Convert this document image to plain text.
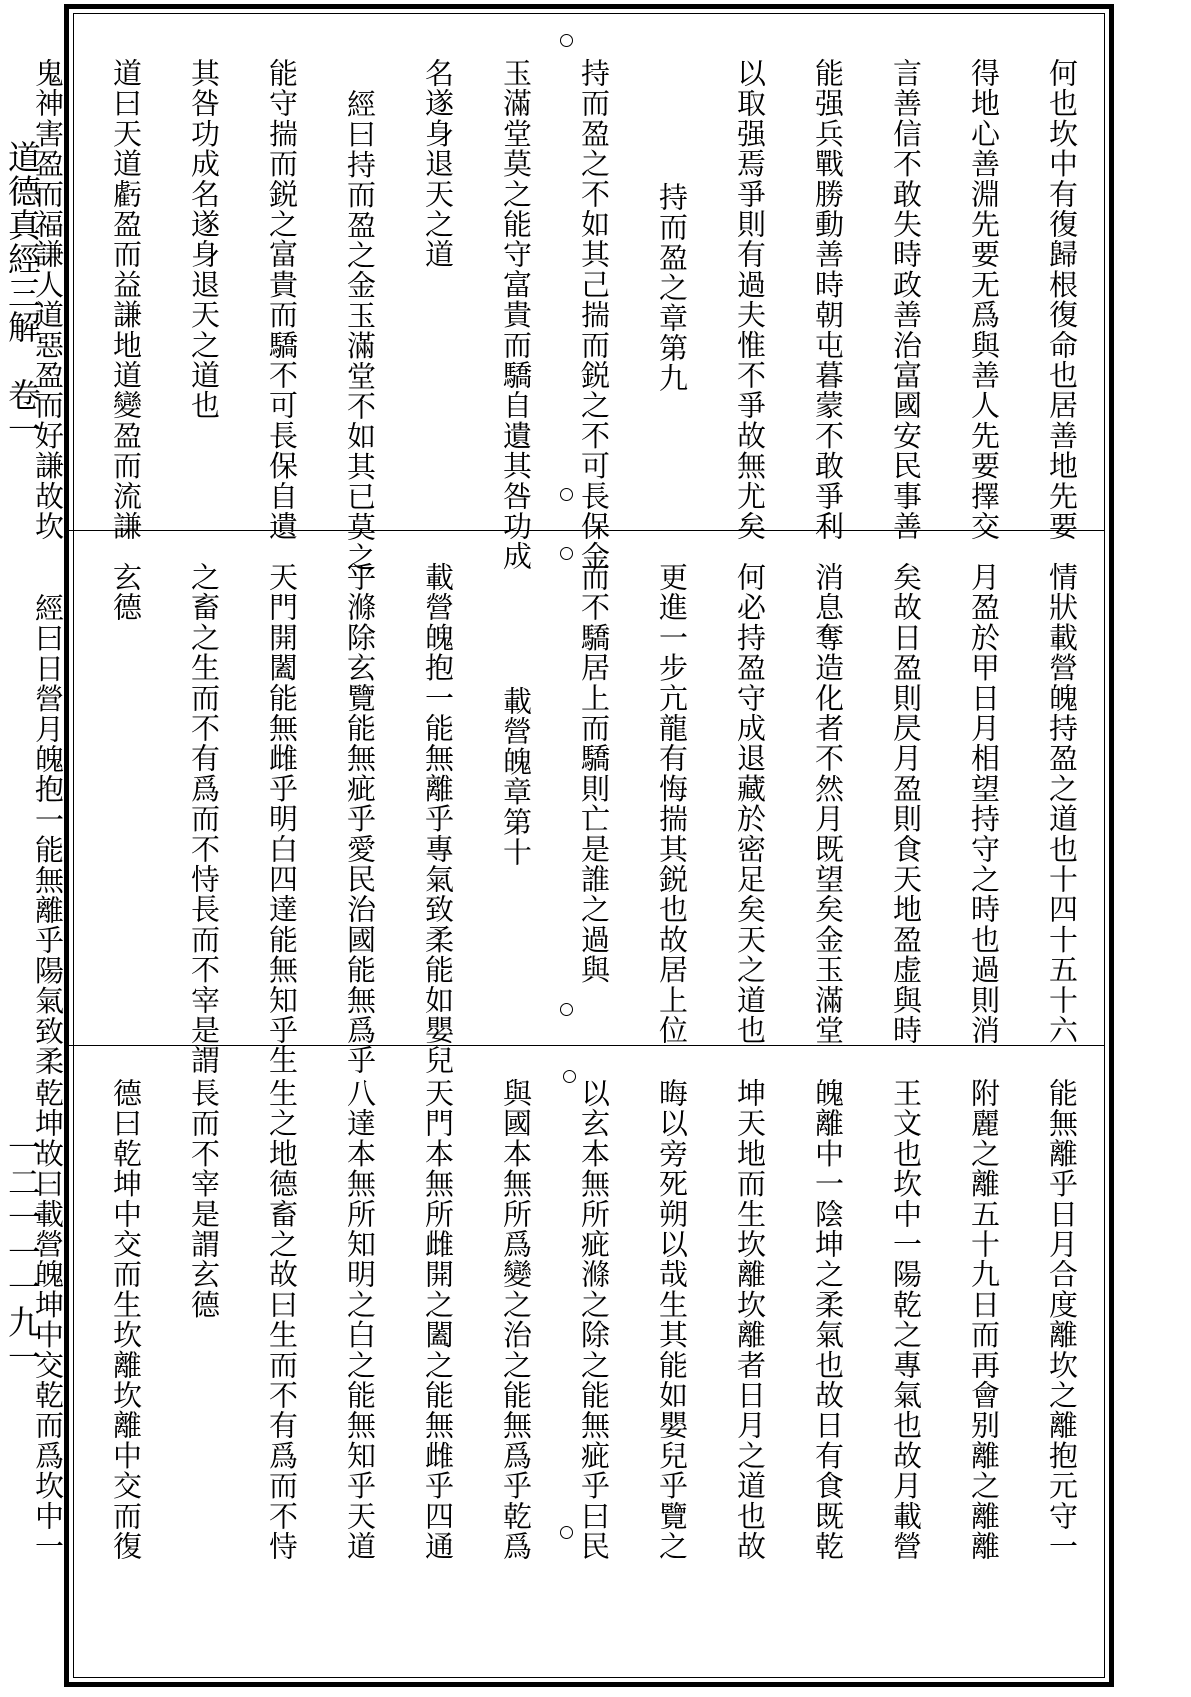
道德真經三解　卷一
一二一一一九一
何也坎中有復歸根復命也居善地先要
得地心善淵先要无爲與善人先要擇交
言善信不敢失時政善治富國安民事善
能强兵戰勝動善時朝屯暮蒙不敢爭利
以取强焉爭則有過夫惟不爭故無尤矣
持而盈之章第九
持而盈之不如其己揣而鋭之不可長保金
玉滿堂莫之能守富貴而驕自遺其咎功成
名遂身退天之道
經曰持而盈之金玉滿堂不如其已莫之
能守揣而鋭之富貴而驕不可長保自遺
其咎功成名遂身退天之道也
道曰天道虧盈而益謙地道變盈而流謙
鬼神害盈而福謙人道惡盈而好謙故坎
情狀載營魄持盈之道也十四十五十六
月盈於甲日月相望持守之時也過則消
矣故日盈則昃月盈則食天地盈虚與時
消息奪造化者不然月既望矣金玉滿堂
何必持盈守成退藏於密足矣天之道也
更進一步亢龍有悔揣其鋭也故居上位
而不驕居上而驕則亡是誰之過與
載營魄章第十
載營魄抱一能無離乎專氣致柔能如嬰兒
乎滌除玄覽能無疵乎愛民治國能無爲乎
天門開闔能無雌乎明白四達能無知乎生
之畜之生而不有爲而不恃長而不宰是謂
玄德
經曰日營月魄抱一能無離乎陽氣致柔
能無離乎日月合度離坎之離抱元守一
附麗之離五十九日而再會别離之離離
王文也坎中一陽乾之專氣也故月載營
魄離中一陰坤之柔氣也故日有食既乾
坤天地而生坎離坎離者日月之道也故
晦以旁死朔以哉生其能如嬰兒乎覽之
以玄本無所疵滌之除之能無疵乎曰民
與國本無所爲變之治之能無爲乎乾爲
天門本無所雌開之闔之能無雌乎四通
八達本無所知明之白之能無知乎天道
生之地德畜之故曰生而不有爲而不恃
長而不宰是謂玄德
德曰乾坤中交而生坎離坎離中交而復
乾坤故曰載營魄坤中交乾而爲坎中一
